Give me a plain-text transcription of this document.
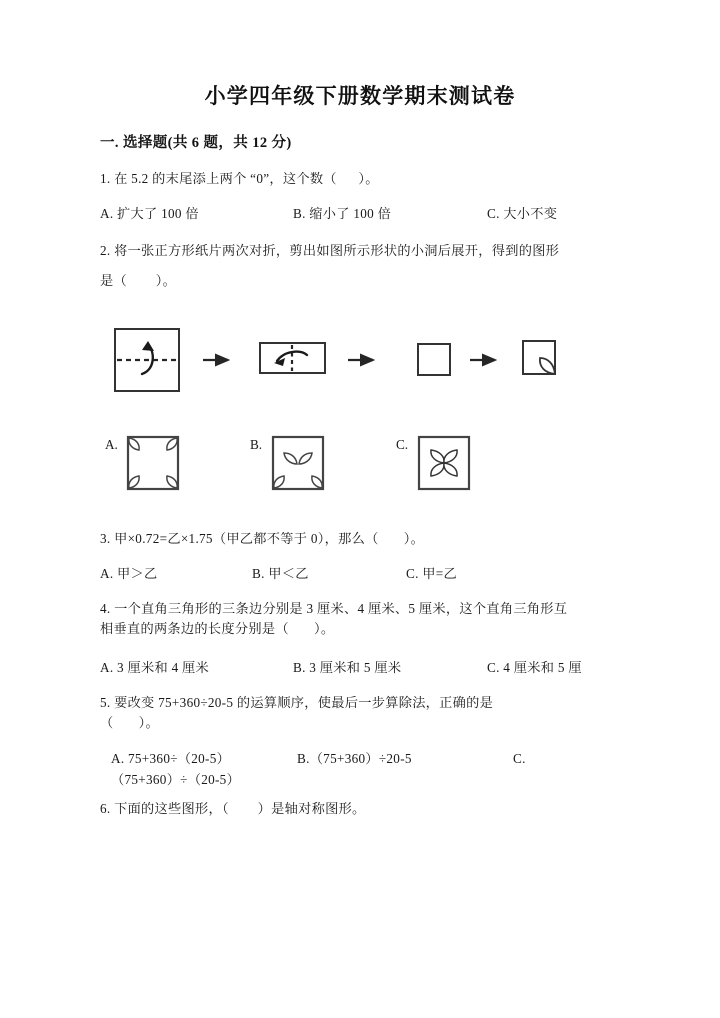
小学四年级下册数学期末测试卷
一. 选择题(共 6 题，共 12 分)
1. 在 5.2 的末尾添上两个 “0”，这个数（      ）。
A. 扩大了 100 倍	B. 缩小了 100 倍	C. 大小不变
2. 将一张正方形纸片两次对折，剪出如图所示形状的小洞后展开，得到的图形
是（        ）。
A.	B.	C.
3. 甲×0.72=乙×1.75（甲乙都不等于 0），那么（       ）。
A. 甲＞乙	B. 甲＜乙	C. 甲=乙
4. 一个直角三角形的三条边分别是 3 厘米、4 厘米、5 厘米，这个直角三角形互
相垂直的两条边的长度分别是（       ）。
A. 3 厘米和 4 厘米	B. 3 厘米和 5 厘米	C. 4 厘米和 5 厘
5. 要改变 75+360÷20-5 的运算顺序，使最后一步算除法，正确的是
（       ）。
A. 75+360÷（20-5）	B.（75+360）÷20-5	C.
（75+360）÷（20-5）
6. 下面的这些图形，（        ）是轴对称图形。
